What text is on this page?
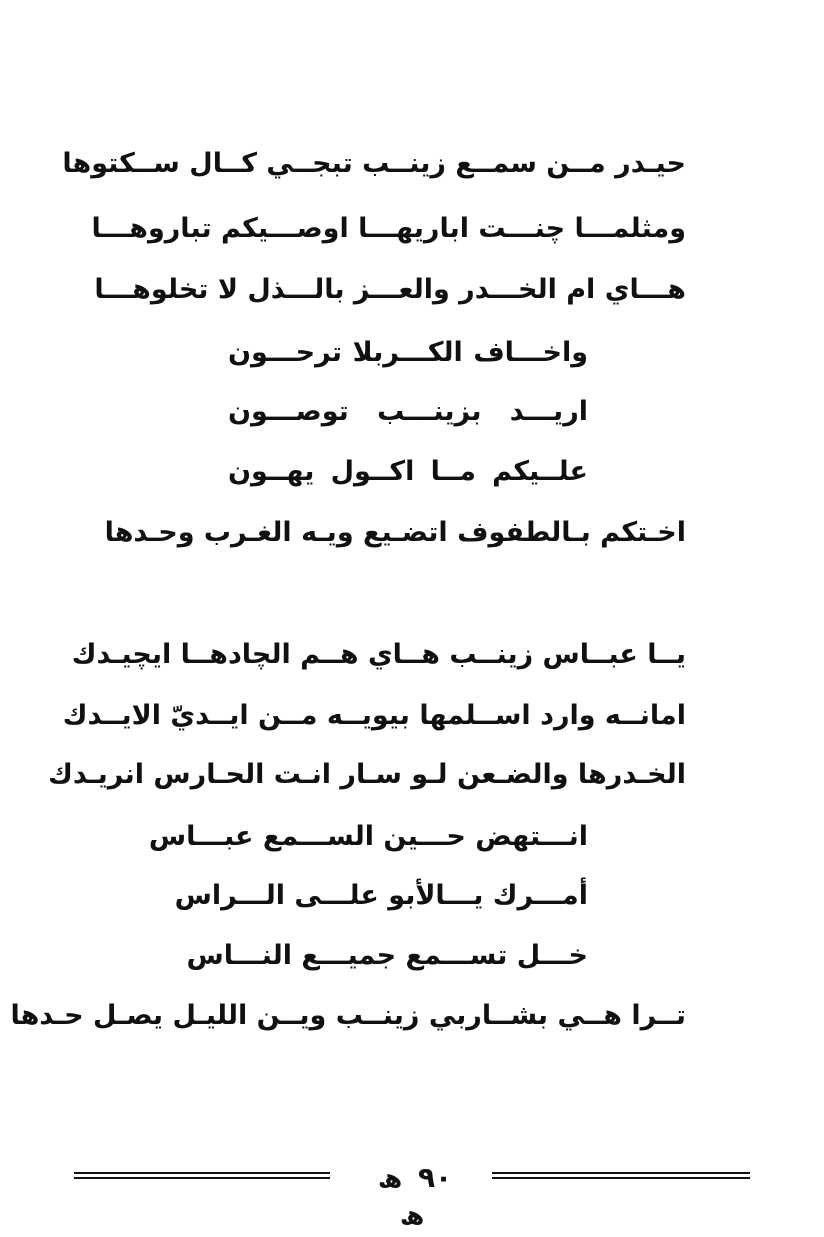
حيـدر مــن سمــع زينــب تبجــي كــال ســكتوها
ومثلمـــا چنـــت اباريهـــا اوصـــيكم تباروهـــا
هـــاي ام الخـــدر والعـــز بالـــذل لا تخلوهـــا
واخـــاف الكـــربلا ترحـــون
اريـــد بزينـــب توصـــون
علــيكم مــا اكــول يهــون
اخـتكم بـالطفوف اتضـيع ويـه الغـرب وحـدها
يــا عبــاس زينــب هــاي هــم الچادهــا ايچيـدك
امانــه وارد اســلمها بيويــه مــن ايــديّ الايــدك
الخـدرها والضـعن لـو سـار انـت الحـارس انريـدك
انـــتهض حـــين الســـمع عبـــاس
أمـــرك يـــالأبو علـــى الـــراس
خـــل تســـمع جميـــع النـــاس
تــرا هــي بشــاربي زينــب ويــن الليـل يصـل حـدها
ھ ٩٠ ھ
